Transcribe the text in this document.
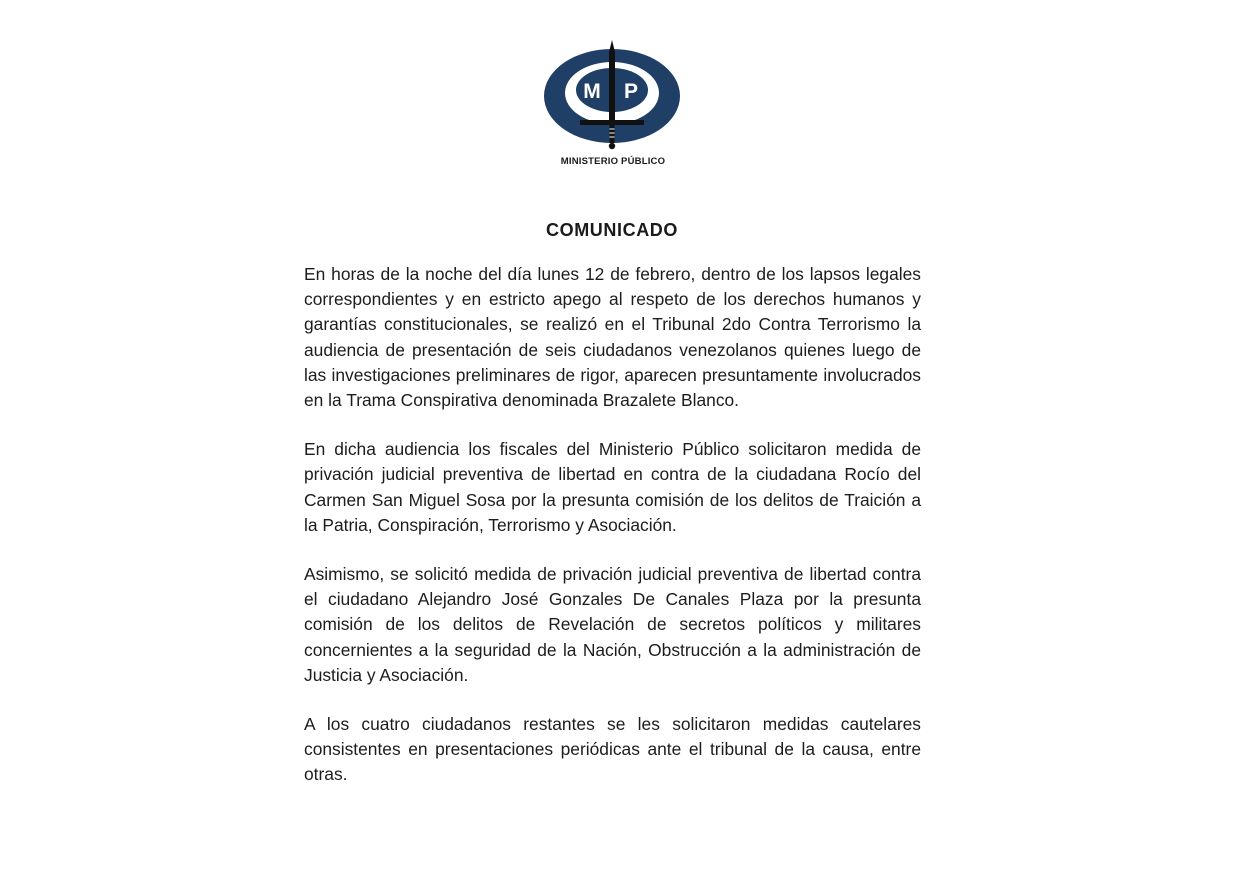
M P
MINISTERIO PÚBLICO
COMUNICADO

En horas de la noche del día lunes 12 de febrero, dentro de los lapsos legales correspondientes y en estricto apego al respeto de los derechos humanos y garantías constitucionales, se realizó en el Tribunal 2do Contra Terrorismo la audiencia de presentación de seis ciudadanos venezolanos quienes luego de las investigaciones preliminares de rigor, aparecen presuntamente involucrados en la Trama Conspirativa denominada Brazalete Blanco.

En dicha audiencia los fiscales del Ministerio Público solicitaron medida de privación judicial preventiva de libertad en contra de la ciudadana Rocío del Carmen San Miguel Sosa por la presunta comisión de los delitos de Traición a la Patria, Conspiración, Terrorismo y Asociación.

Asimismo, se solicitó medida de privación judicial preventiva de libertad contra el ciudadano Alejandro José Gonzales De Canales Plaza por la presunta comisión de los delitos de Revelación de secretos políticos y militares concernientes a la seguridad de la Nación, Obstrucción a la administración de Justicia y Asociación.

A los cuatro ciudadanos restantes se les solicitaron medidas cautelares consistentes en presentaciones periódicas ante el tribunal de la causa, entre otras.
